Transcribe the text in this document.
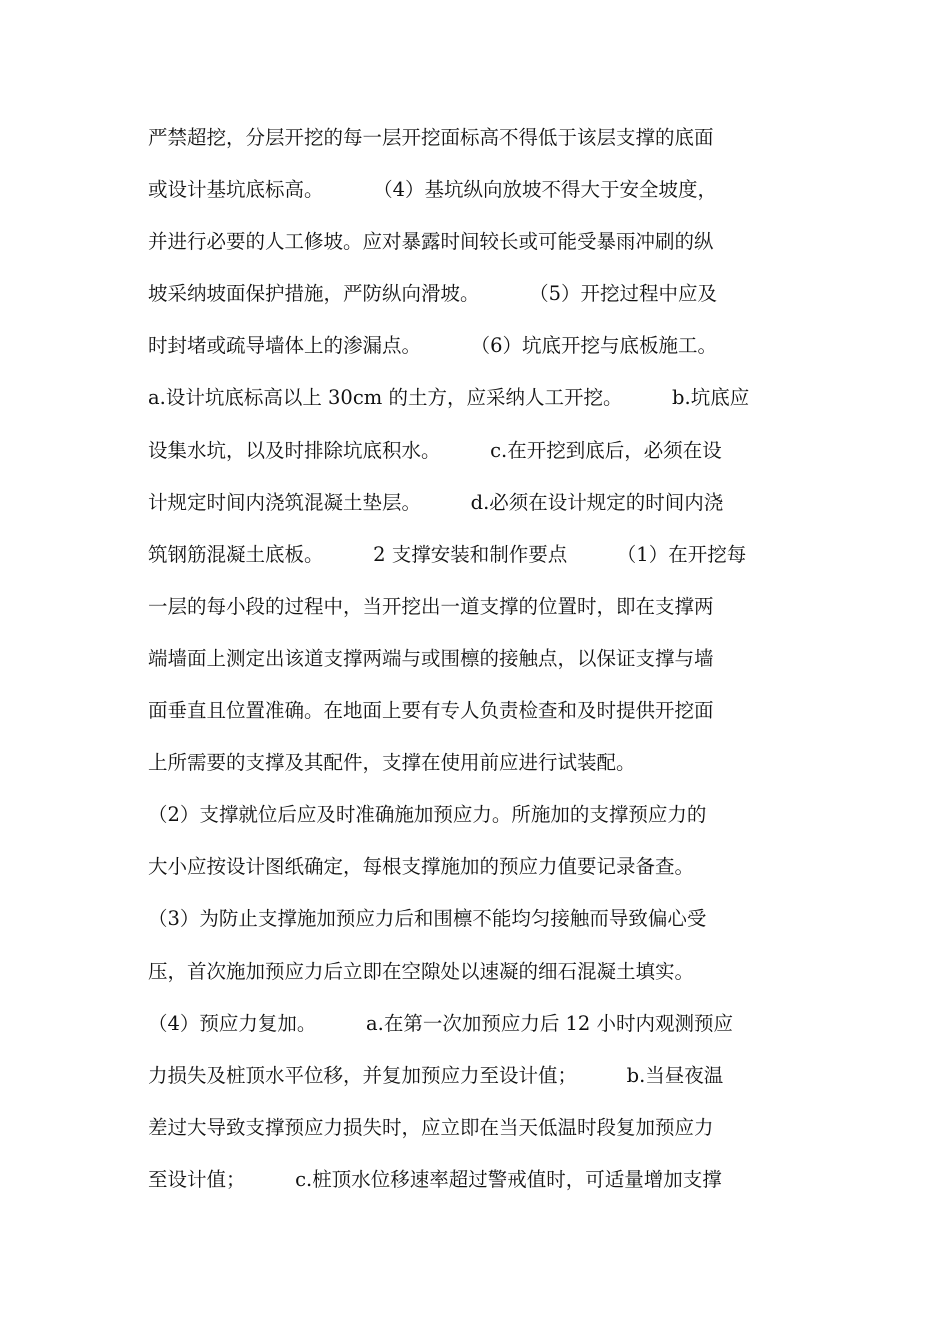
严禁超挖，分层开挖的每一层开挖面标高不得低于该层支撑的底面
或设计基坑底标高。        （4）基坑纵向放坡不得大于安全坡度，
并进行必要的人工修坡。应对暴露时间较长或可能受暴雨冲刷的纵
坡采纳坡面保护措施，严防纵向滑坡。        （5）开挖过程中应及
时封堵或疏导墙体上的渗漏点。        （6）坑底开挖与底板施工。
a.设计坑底标高以上 30cm 的土方，应采纳人工开挖。        b.坑底应
设集水坑，以及时排除坑底积水。        c.在开挖到底后，必须在设
计规定时间内浇筑混凝土垫层。        d.必须在设计规定的时间内浇
筑钢筋混凝土底板。        2 支撑安装和制作要点        （1）在开挖每
一层的每小段的过程中，当开挖出一道支撑的位置时，即在支撑两
端墙面上测定出该道支撑两端与或围檩的接触点，以保证支撑与墙
面垂直且位置准确。在地面上要有专人负责检查和及时提供开挖面
上所需要的支撑及其配件，支撑在使用前应进行试装配。
（2）支撑就位后应及时准确施加预应力。所施加的支撑预应力的
大小应按设计图纸确定，每根支撑施加的预应力值要记录备查。
（3）为防止支撑施加预应力后和围檩不能均匀接触而导致偏心受
压，首次施加预应力后立即在空隙处以速凝的细石混凝土填实。
（4）预应力复加。        a.在第一次加预应力后 12 小时内观测预应
力损失及桩顶水平位移，并复加预应力至设计值；        b.当昼夜温
差过大导致支撑预应力损失时，应立即在当天低温时段复加预应力
至设计值；        c.桩顶水位移速率超过警戒值时，可适量增加支撑
